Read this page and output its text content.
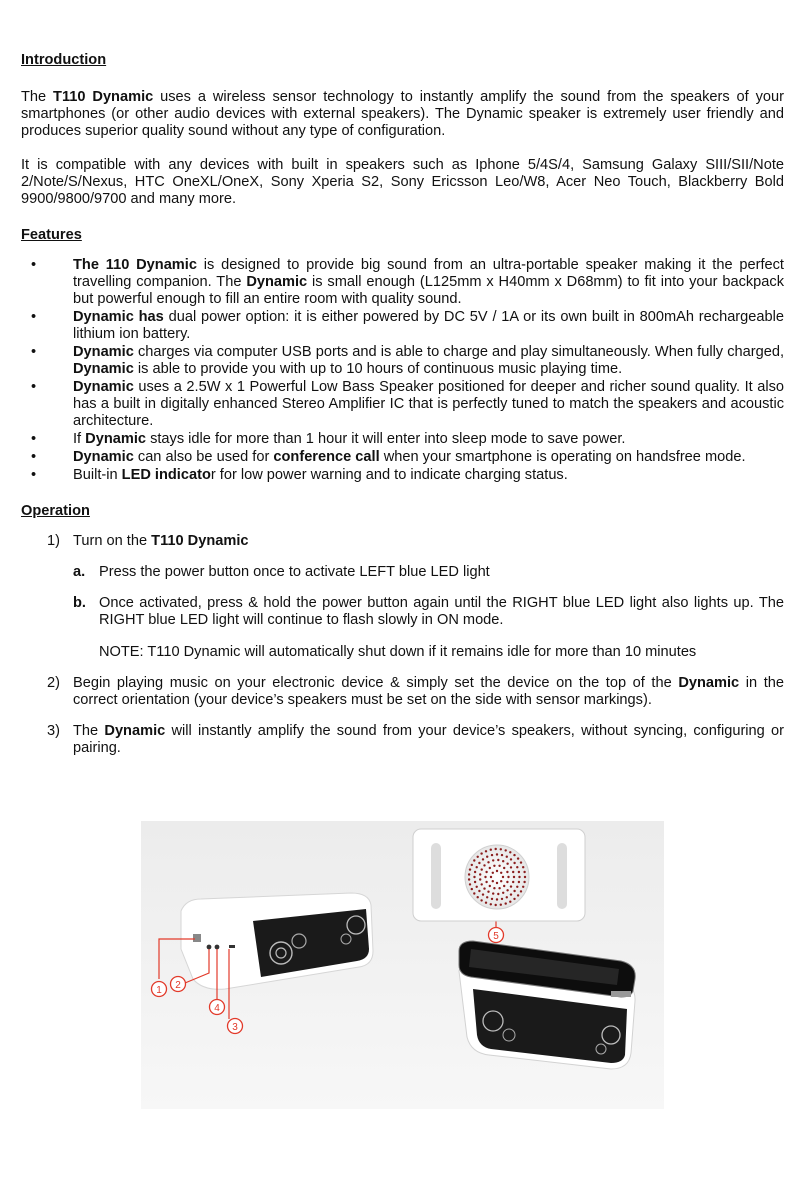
Introduction

The T110 Dynamic uses a wireless sensor technology to instantly amplify the sound from the speakers of your smartphones (or other audio devices with external speakers). The Dynamic speaker is extremely user friendly and produces superior quality sound without any type of configuration.

It is compatible with any devices with built in speakers such as Iphone 5/4S/4, Samsung Galaxy SIII/SII/Note 2/Note/S/Nexus, HTC OneXL/OneX, Sony Xperia S2, Sony Ericsson Leo/W8, Acer Neo Touch, Blackberry Bold 9900/9800/9700 and many more.

Features
•	The 110 Dynamic is designed to provide big sound from an ultra-portable speaker making it the perfect travelling companion. The Dynamic is small enough (L125mm x H40mm x D68mm) to fit into your backpack but powerful enough to fill an entire room with quality sound.
•	Dynamic has dual power option: it is either powered by DC 5V / 1A or its own built in 800mAh rechargeable lithium ion battery.
•	Dynamic charges via computer USB ports and is able to charge and play simultaneously. When fully charged, Dynamic is able to provide you with up to 10 hours of continuous music playing time.
•	Dynamic uses a 2.5W x 1 Powerful Low Bass Speaker positioned for deeper and richer sound quality. It also has a built in digitally enhanced Stereo Amplifier IC that is perfectly tuned to match the speakers and acoustic architecture.
•	If Dynamic stays idle for more than 1 hour it will enter into sleep mode to save power.
•	Dynamic can also be used for conference call when your smartphone is operating on handsfree mode.
•	Built-in LED indicator for low power warning and to indicate charging status.
Operation
1) Turn on the T110 Dynamic
a. Press the power button once to activate LEFT blue LED light
b. Once activated, press & hold the power button again until the RIGHT blue LED light also lights up. The RIGHT blue LED light will continue to flash slowly in ON mode.
NOTE: T110 Dynamic will automatically shut down if it remains idle for more than 10 minutes
2) Begin playing music on your electronic device & simply set the device on the top of the Dynamic in the correct orientation (your device’s speakers must be set on the side with sensor markings).
3) The Dynamic will instantly amplify the sound from your device’s speakers, without syncing, configuring or pairing.
1 2
3
4
5
